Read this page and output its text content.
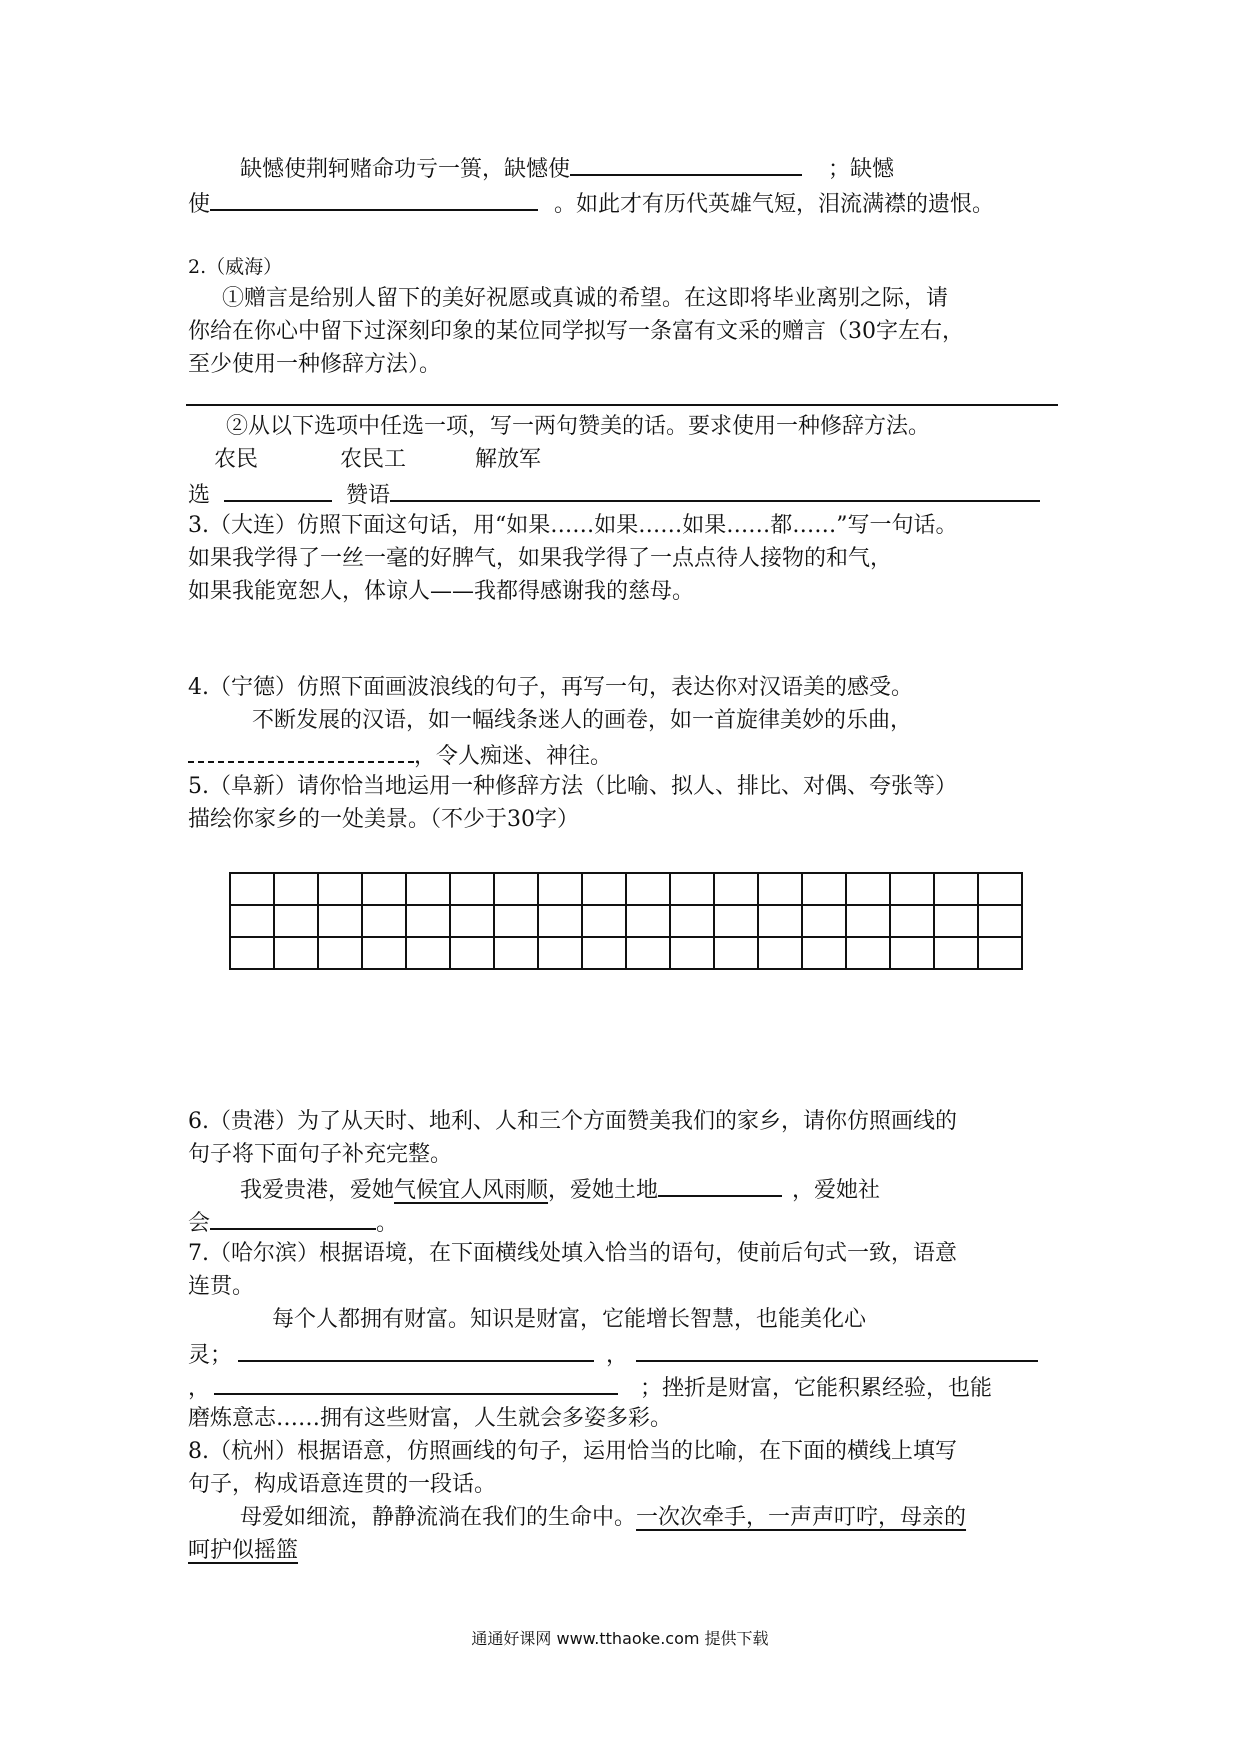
缺憾使荆轲赌命功亏一篑，缺憾使	；缺憾
使	。如此才有历代英雄气短，泪流满襟的遗恨。
2.（威海）
①赠言是给别人留下的美好祝愿或真诚的希望。在这即将毕业离别之际，请
你给在你心中留下过深刻印象的某位同学拟写一条富有文采的赠言（30字左右，
至少使用一种修辞方法）。
②从以下选项中任选一项，写一两句赞美的话。要求使用一种修辞方法。
农民	农民工	解放军
选	赞语
3.（大连）仿照下面这句话，用“如果……如果……如果……都……”写一句话。
如果我学得了一丝一毫的好脾气，如果我学得了一点点待人接物的和气，
如果我能宽恕人，体谅人——我都得感谢我的慈母。
4.（宁德）仿照下面画波浪线的句子，再写一句，表达你对汉语美的感受。
不断发展的汉语，如一幅线条迷人的画卷，如一首旋律美妙的乐曲，
，令人痴迷、神往。
5.（阜新）请你恰当地运用一种修辞方法（比喻、拟人、排比、对偶、夸张等）
描绘你家乡的一处美景。（不少于30字）

6.（贵港）为了从天时、地利、人和三个方面赞美我们的家乡，请你仿照画线的
句子将下面句子补充完整。
我爱贵港，爱她气候宜人风雨顺，爱她土地	，爱她社
会	。
7.（哈尔滨）根据语境，在下面横线处填入恰当的语句，使前后句式一致，语意
连贯。
每个人都拥有财富。知识是财富，它能增长智慧，也能美化心
灵；	，
，	；挫折是财富，它能积累经验，也能
磨炼意志……拥有这些财富，人生就会多姿多彩。
8.（杭州）根据语意，仿照画线的句子，运用恰当的比喻，在下面的横线上填写
句子，构成语意连贯的一段话。
母爱如细流，静静流淌在我们的生命中。一次次牵手，一声声叮咛，母亲的
呵护似摇篮
通通好课网 www.tthaoke.com 提供下载
